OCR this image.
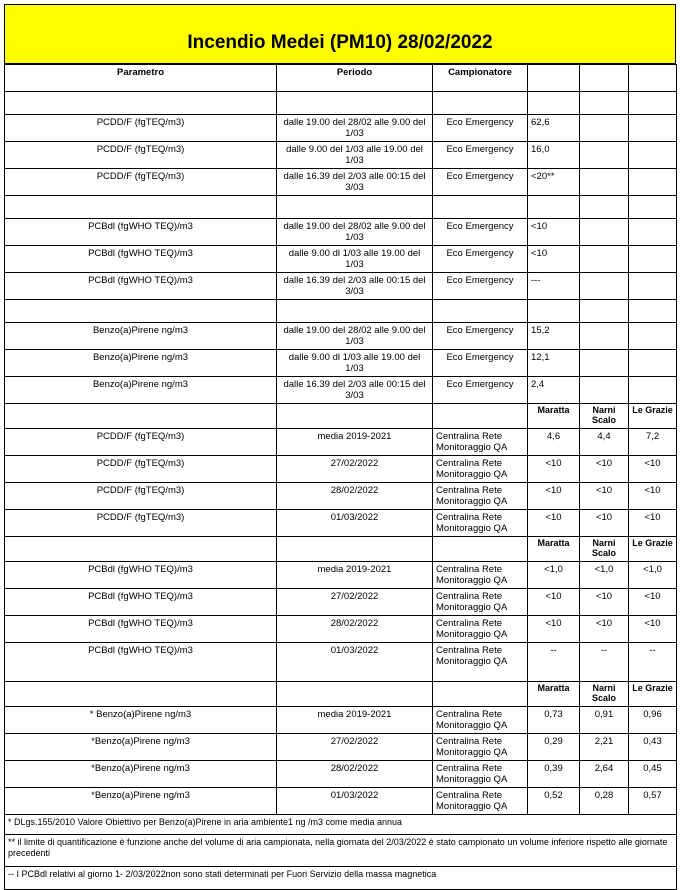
Incendio Medei (PM10) 28/02/2022
Parametro	Periodo	Campionatore			

PCDD/F (fgTEQ/m3)	dalle 19.00 del 28/02 alle 9.00 del 1/03	Eco Emergency	62,6		
PCDD/F (fgTEQ/m3)	dalle 9.00 del 1/03 alle 19.00 del 1/03	Eco Emergency	16,0		
PCDD/F (fgTEQ/m3)	dalle 16.39 del 2/03 alle 00:15 del 3/03	Eco Emergency	<20**		

PCBdl (fgWHO TEQ)/m3	dalle 19.00 del 28/02 alle 9.00 del 1/03	Eco Emergency	<10		
PCBdl (fgWHO TEQ)/m3	dalle 9.00 dl 1/03 alle 19.00 del 1/03	Eco Emergency	<10		
PCBdl (fgWHO TEQ)/m3	dalle 16.39 del 2/03 alle 00:15 del 3/03	Eco Emergency	---		

Benzo(a)Pirene ng/m3	dalle 19.00 del 28/02 alle 9.00 del 1/03	Eco Emergency	15,2		
Benzo(a)Pirene ng/m3	dalle 9.00 dl 1/03 alle 19.00 del 1/03	Eco Emergency	12,1		
Benzo(a)Pirene ng/m3	dalle 16.39 del 2/03 alle 00:15 del 3/03	Eco Emergency	2,4		
			Maratta	Narni Scalo	Le Grazie
PCDD/F (fgTEQ/m3)	media 2019-2021	Centralina Rete Monitoraggio QA	4,6	4,4	7,2
PCDD/F (fgTEQ/m3)	27/02/2022	Centralina Rete Monitoraggio QA	<10	<10	<10
PCDD/F (fgTEQ/m3)	28/02/2022	Centralina Rete Monitoraggio QA	<10	<10	<10
PCDD/F (fgTEQ/m3)	01/03/2022	Centralina Rete Monitoraggio QA	<10	<10	<10
			Maratta	Narni Scalo	Le Grazie
PCBdl (fgWHO TEQ)/m3	media 2019-2021	Centralina Rete Monitoraggio QA	<1,0	<1,0	<1,0
PCBdl (fgWHO TEQ)/m3	27/02/2022	Centralina Rete Monitoraggio QA	<10	<10	<10
PCBdl (fgWHO TEQ)/m3	28/02/2022	Centralina Rete Monitoraggio QA	<10	<10	<10
PCBdl (fgWHO TEQ)/m3	01/03/2022	Centralina Rete Monitoraggio QA	--	--	--
			Maratta	Narni Scalo	Le Grazie
* Benzo(a)Pirene ng/m3	media 2019-2021	Centralina Rete Monitoraggio QA	0,73	0,91	0,96
*Benzo(a)Pirene ng/m3	27/02/2022	Centralina Rete Monitoraggio QA	0,29	2,21	0,43
*Benzo(a)Pirene ng/m3	28/02/2022	Centralina Rete Monitoraggio QA	0,39	2,64	0,45
*Benzo(a)Pirene ng/m3	01/03/2022	Centralina Rete Monitoraggio QA	0,52	0,28	0,57
* DLgs.155/2010 Valore Obiettivo per Benzo(a)Pirene in aria ambiente1 ng /m3 come media annua					
** il limite di quantificazione è funzione anche del volume di aria campionata, nella giornata del 2/03/2022 è stato campionato un volume inferiore rispetto alle giornate precedenti					
-- I PCBdl relativi al giorno 1- 2/03/2022non sono stati determinati per Fuori Servizio della massa magnetica					
